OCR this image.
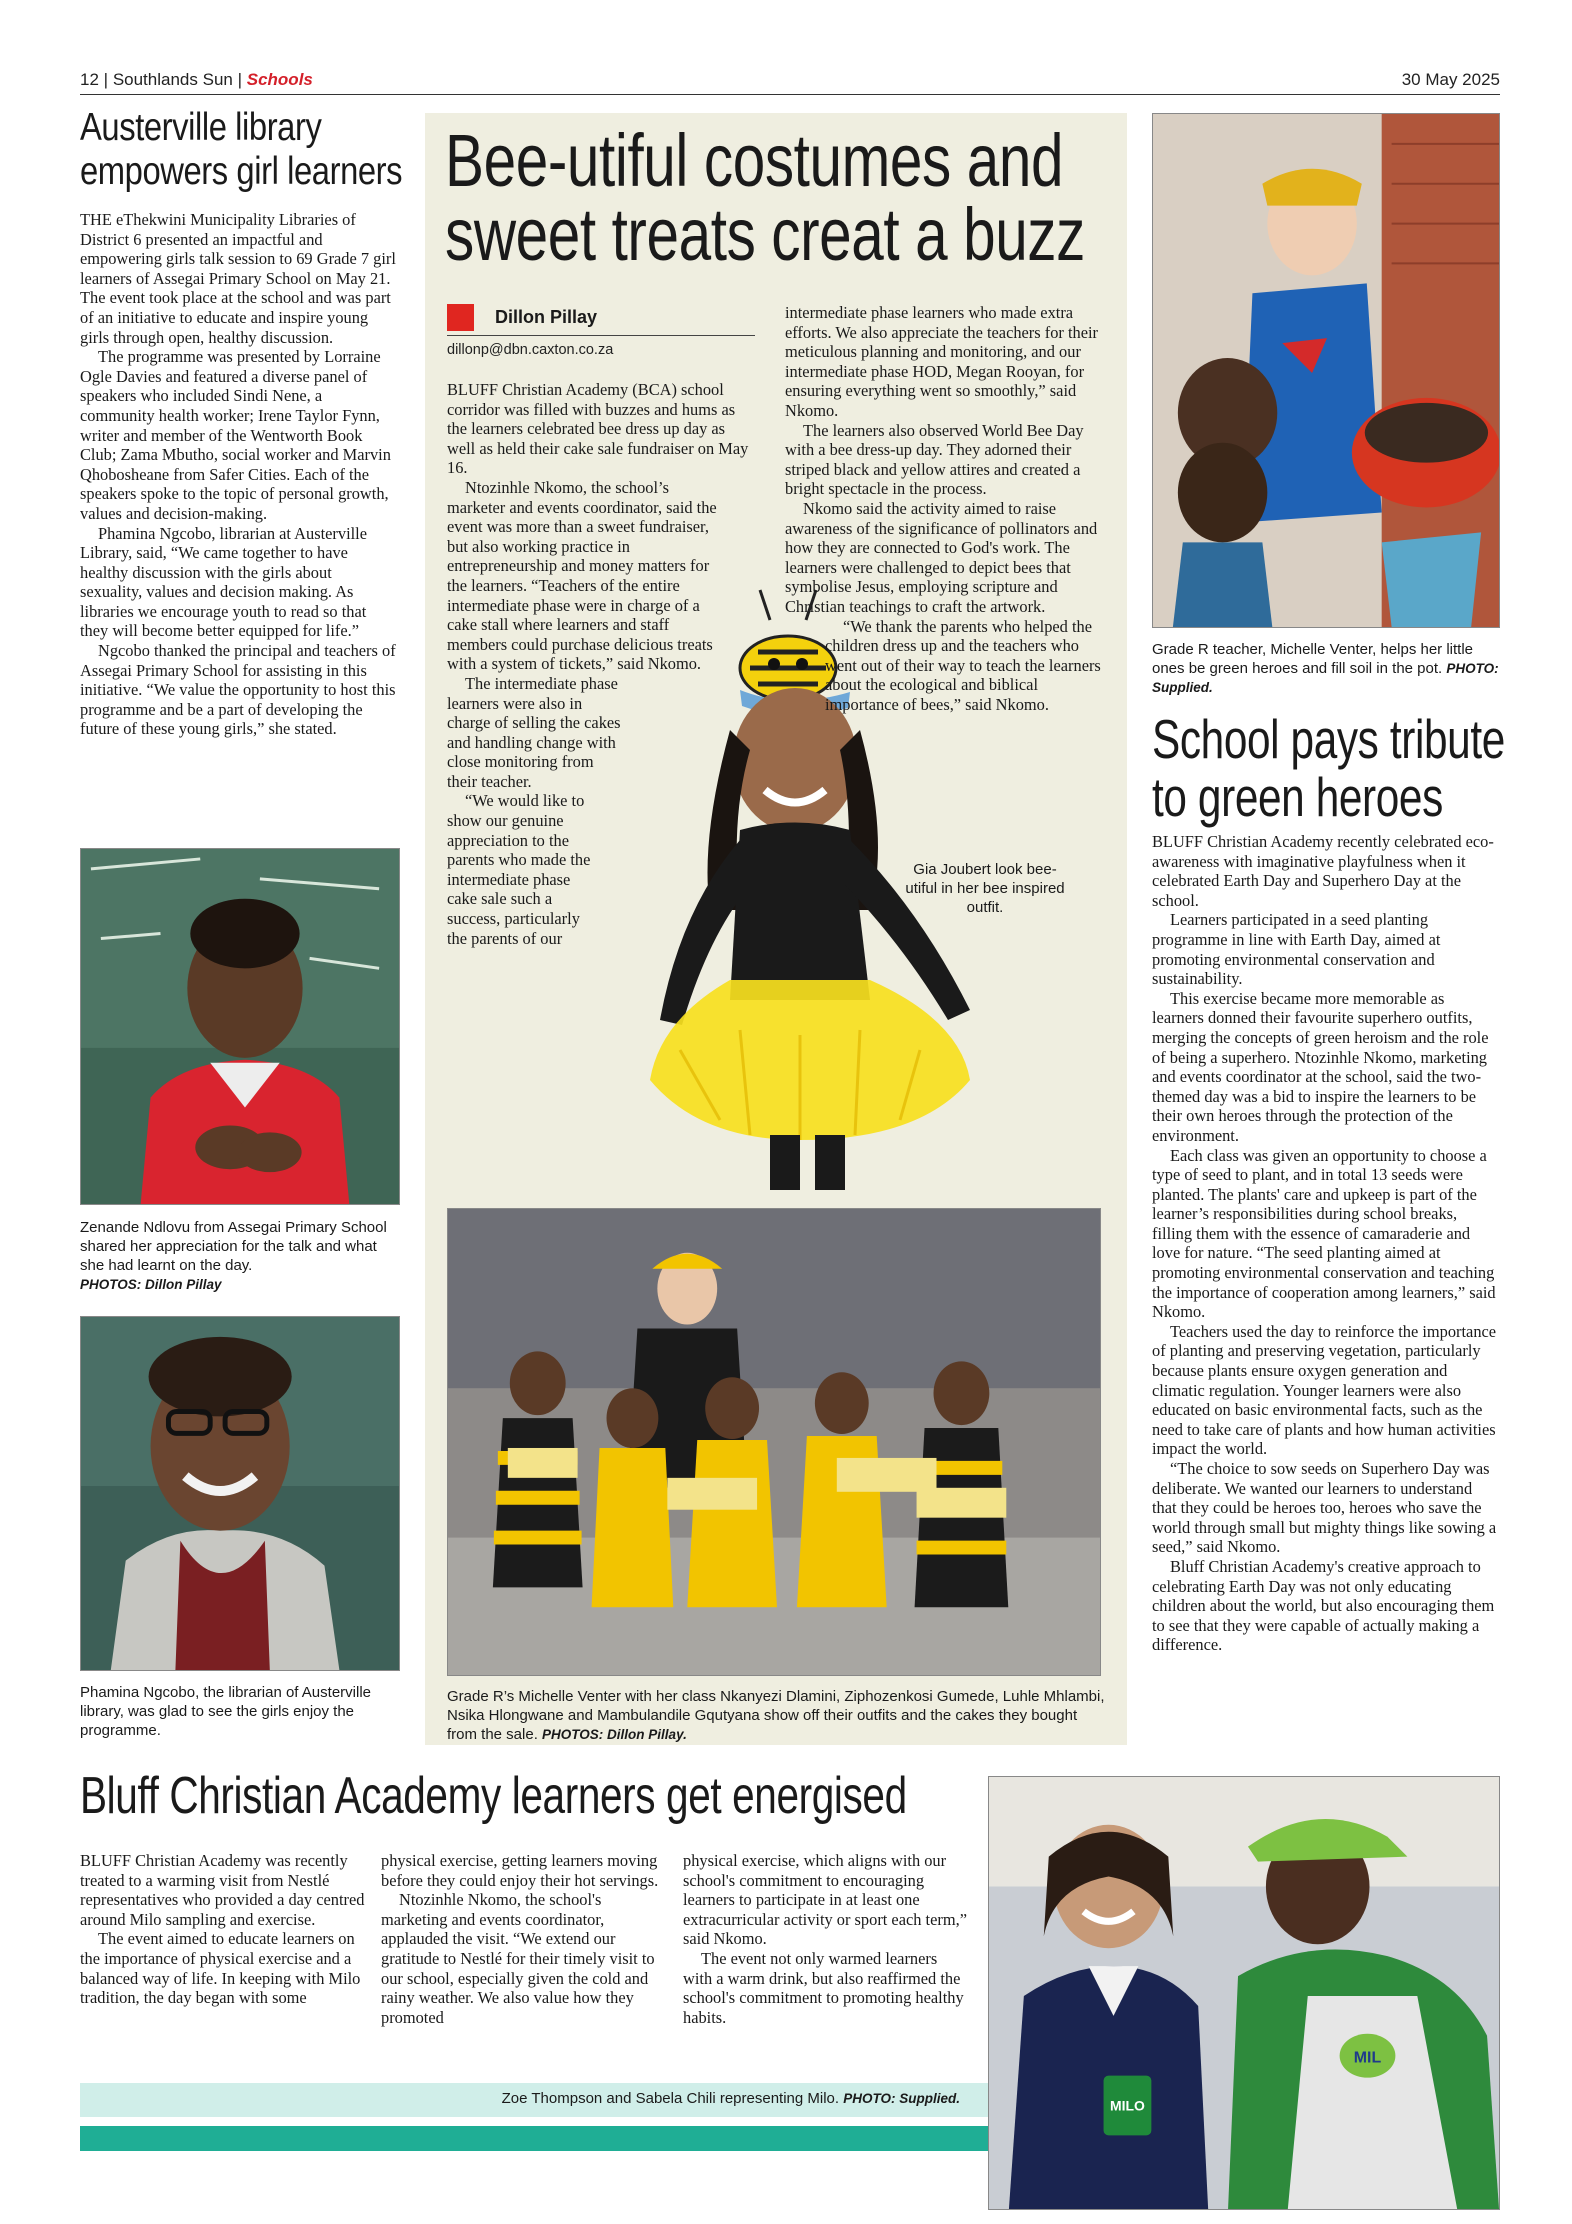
12 | Southlands Sun | Schools	30 May 2025
Austerville library
empowers girl learners

THE eThekwini Municipality Libraries of District 6 presented an impactful and empowering girls talk session to 69 Grade 7 girl learners of Assegai Primary School on May 21. The event took place at the school and was part of an initiative to educate and inspire young girls through open, healthy discussion.

The programme was presented by Lorraine Ogle Davies and featured a diverse panel of speakers who included Sindi Nene, a community health worker; Irene Taylor Fynn, writer and member of the Wentworth Book Club; Zama Mbutho, social worker and Marvin Qhobosheane from Safer Cities. Each of the speakers spoke to the topic of personal growth, values and decision-making.

Phamina Ngcobo, librarian at Austerville Library, said, “We came together to have healthy discussion with the girls about sexuality, values and decision making. As libraries we encourage youth to read so that they will become better equipped for life.”

Ngcobo thanked the principal and teachers of Assegai Primary School for assisting in this initiative. “We value the opportunity to host this programme and be a part of developing the future of these young girls,” she stated.

Zenande Ndlovu from Assegai Primary School shared her appreciation for the talk and what she had learnt on the day.
PHOTOS: Dillon Pillay
Phamina Ngcobo, the librarian of Austerville library, was glad to see the girls enjoy the programme.
Bee-utiful costumes and
sweet treats creat a buzz
Dillon Pillay
dillonp@dbn.caxton.co.za

BLUFF Christian Academy (BCA) school corridor was filled with buzzes and hums as the learners celebrated bee dress up day as well as held their cake sale fundraiser on May 16.

Ntozinhle Nkomo, the school’s marketer and events coordinator, said the event was more than a sweet fundraiser, but also working practice in entrepreneurship and money matters for the learners. “Teachers of the entire intermediate phase were in charge of a cake stall where learners and staff members could purchase delicious treats with a system of tickets,” said Nkomo.

The intermediate phase learners were also in charge of selling the cakes and handling change with close monitoring from their teacher.

“We would like to show our genuine appreciation to the parents who made the intermediate phase cake sale such a success, particularly the parents of our

intermediate phase learners who made extra efforts. We also appreciate the teachers for their meticulous planning and monitoring, and our intermediate phase HOD, Megan Rooyan, for ensuring everything went so smoothly,” said Nkomo.

The learners also observed World Bee Day with a bee dress-up day. They adorned their striped black and yellow attires and created a bright spectacle in the process.

Nkomo said the activity aimed to raise awareness of the significance of pollinators and how they are connected to God's work. The learners were challenged to depict bees that symbolise Jesus, employing scripture and Christian teachings to craft the artwork.

“We thank the parents who helped the children dress up and the teachers who went out of their way to teach the learners about the ecological and biblical importance of bees,” said Nkomo.

Gia Joubert look bee-utiful in her bee inspired outfit.
Grade R’s Michelle Venter with her class Nkanyezi Dlamini, Ziphozenkosi Gumede, Luhle Mhlambi, Nsika Hlongwane and Mambulandile Gqutyana show off their outfits and the cakes they bought from the sale. PHOTOS: Dillon Pillay.
Grade R teacher, Michelle Venter, helps her little ones be green heroes and fill soil in the pot. PHOTO: Supplied.
School pays tribute
to green heroes

BLUFF Christian Academy recently celebrated eco-awareness with imaginative playfulness when it celebrated Earth Day and Superhero Day at the school.

Learners participated in a seed planting programme in line with Earth Day, aimed at promoting environmental conservation and sustainability.

This exercise became more memorable as learners donned their favourite superhero outfits, merging the concepts of green heroism and the role of being a superhero. Ntozinhle Nkomo, marketing and events coordinator at the school, said the two-themed day was a bid to inspire the learners to be their own heroes through the protection of the environment.

Each class was given an opportunity to choose a type of seed to plant, and in total 13 seeds were planted. The plants' care and upkeep is part of the learner’s responsibilities during school breaks, filling them with the essence of camaraderie and love for nature. “The seed planting aimed at promoting environmental conservation and teaching the importance of cooperation among learners,” said Nkomo.

Teachers used the day to reinforce the importance of planting and preserving vegetation, particularly because plants ensure oxygen generation and climatic regulation. Younger learners were also educated on basic environmental facts, such as the need to take care of plants and how human activities impact the world.

“The choice to sow seeds on Superhero Day was deliberate. We wanted our learners to understand that they could be heroes too, heroes who save the world through small but mighty things like sowing a seed,” said Nkomo.

Bluff Christian Academy's creative approach to celebrating Earth Day was not only educating children about the world, but also encouraging them to see that they were capable of actually making a difference.

Bluff Christian Academy learners get energised

BLUFF Christian Academy was recently treated to a warming visit from Nestlé representatives who provided a day centred around Milo sampling and exercise.

The event aimed to educate learners on the importance of physical exercise and a balanced way of life. In keeping with Milo tradition, the day began with some

physical exercise, getting learners moving before they could enjoy their hot servings.

Ntozinhle Nkomo, the school's marketing and events coordinator, applauded the visit. “We extend our gratitude to Nestlé for their timely visit to our school, especially given the cold and rainy weather. We also value how they promoted

physical exercise, which aligns with our school's commitment to encouraging learners to participate in at least one extracurricular activity or sport each term,” said Nkomo.

The event not only warmed learners with a warm drink, but also reaffirmed the school's commitment to promoting healthy habits.

Zoe Thompson and Sabela Chili representing Milo. PHOTO: Supplied.	MILO
MIL
